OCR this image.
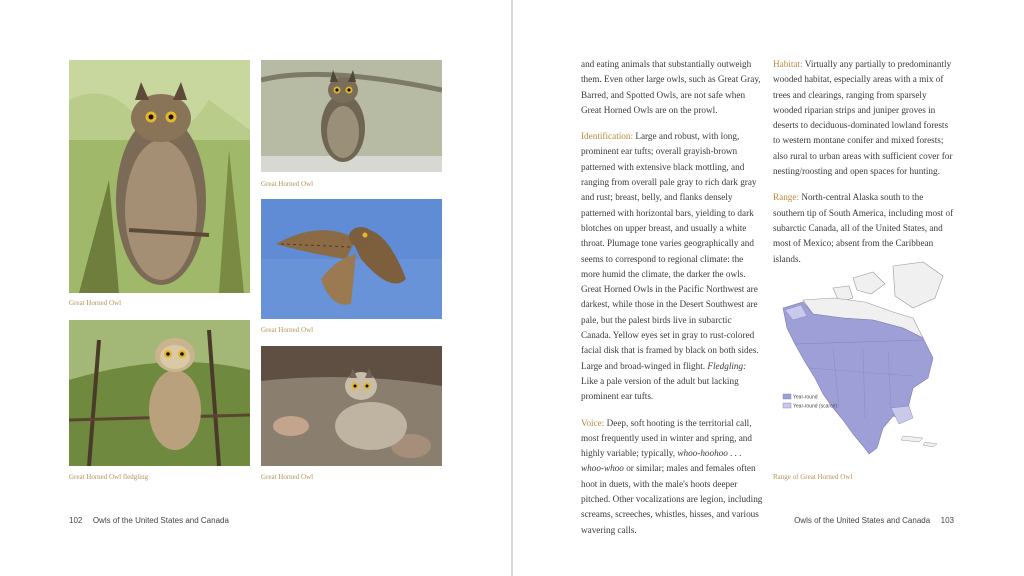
Great Horned Owl
Great Horned Owl
Great Horned Owl
Great Horned Owl fledgling	Great Horned Owl
102 Owls of the United States and Canada

and eating animals that substantially outweigh them. Even other large owls, such as Great Gray, Barred, and Spotted Owls, are not safe when Great Horned Owls are on the prowl.

Identification: Large and robust, with long, prominent ear tufts; overall grayish-brown patterned with extensive black mottling, and ranging from overall pale gray to rich dark gray and rust; breast, belly, and flanks densely patterned with horizontal bars, yielding to dark blotches on upper breast, and usually a white throat. Plumage tone varies geographically and seems to correspond to regional climate: the more humid the climate, the darker the owls. Great Horned Owls in the Pacific Northwest are darkest, while those in the Desert Southwest are pale, but the palest birds live in subarctic Canada. Yellow eyes set in gray to rust-colored facial disk that is framed by black on both sides. Large and broad-winged in flight. Fledgling: Like a pale version of the adult but lacking prominent ear tufts.

Voice: Deep, soft hooting is the territorial call, most frequently used in winter and spring, and highly variable; typically, whoo-hoohoo . . . whoo-whoo or similar; males and females often hoot in duets, with the male's hoots deeper pitched. Other vocalizations are legion, including screams, screeches, whistles, hisses, and various wavering calls.

Habitat: Virtually any partially to predominantly wooded habitat, especially areas with a mix of trees and clearings, ranging from sparsely wooded riparian strips and juniper groves in deserts to deciduous-dominated lowland forests to western montane conifer and mixed forests; also rural to urban areas with sufficient cover for nesting/roosting and open spaces for hunting.

Range: North-central Alaska south to the southern tip of South America, including most of subarctic Canada, all of the United States, and most of Mexico; absent from the Caribbean islands.

Year-round
Year-round (scarce)
Range of Great Horned Owl
Owls of the United States and Canada 103
